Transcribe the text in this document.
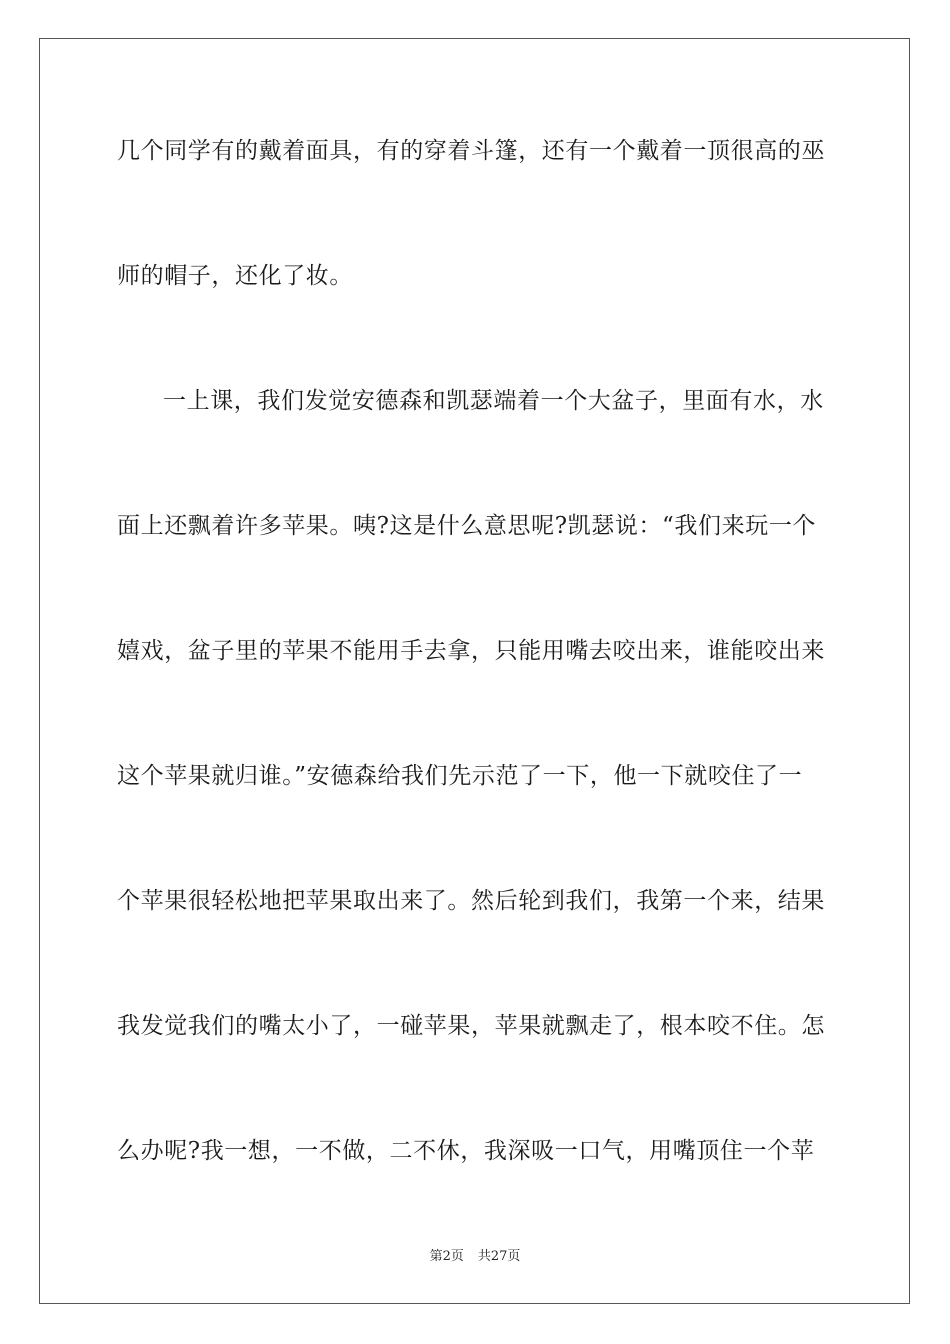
几个同学有的戴着面具，有的穿着斗篷，还有一个戴着一顶很高的巫
师的帽子，还化了妆。
一上课，我们发觉安德森和凯瑟端着一个大盆子，里面有水，水
面上还飘着许多苹果。咦?这是什么意思呢?凯瑟说：“我们来玩一个
嬉戏，盆子里的苹果不能用手去拿，只能用嘴去咬出来，谁能咬出来
这个苹果就归谁。”安德森给我们先示范了一下，他一下就咬住了一
个苹果很轻松地把苹果取出来了。然后轮到我们，我第一个来，结果
我发觉我们的嘴太小了，一碰苹果，苹果就飘走了，根本咬不住。怎
么办呢?我一想，一不做，二不休，我深吸一口气，用嘴顶住一个苹
第2页 共27页
